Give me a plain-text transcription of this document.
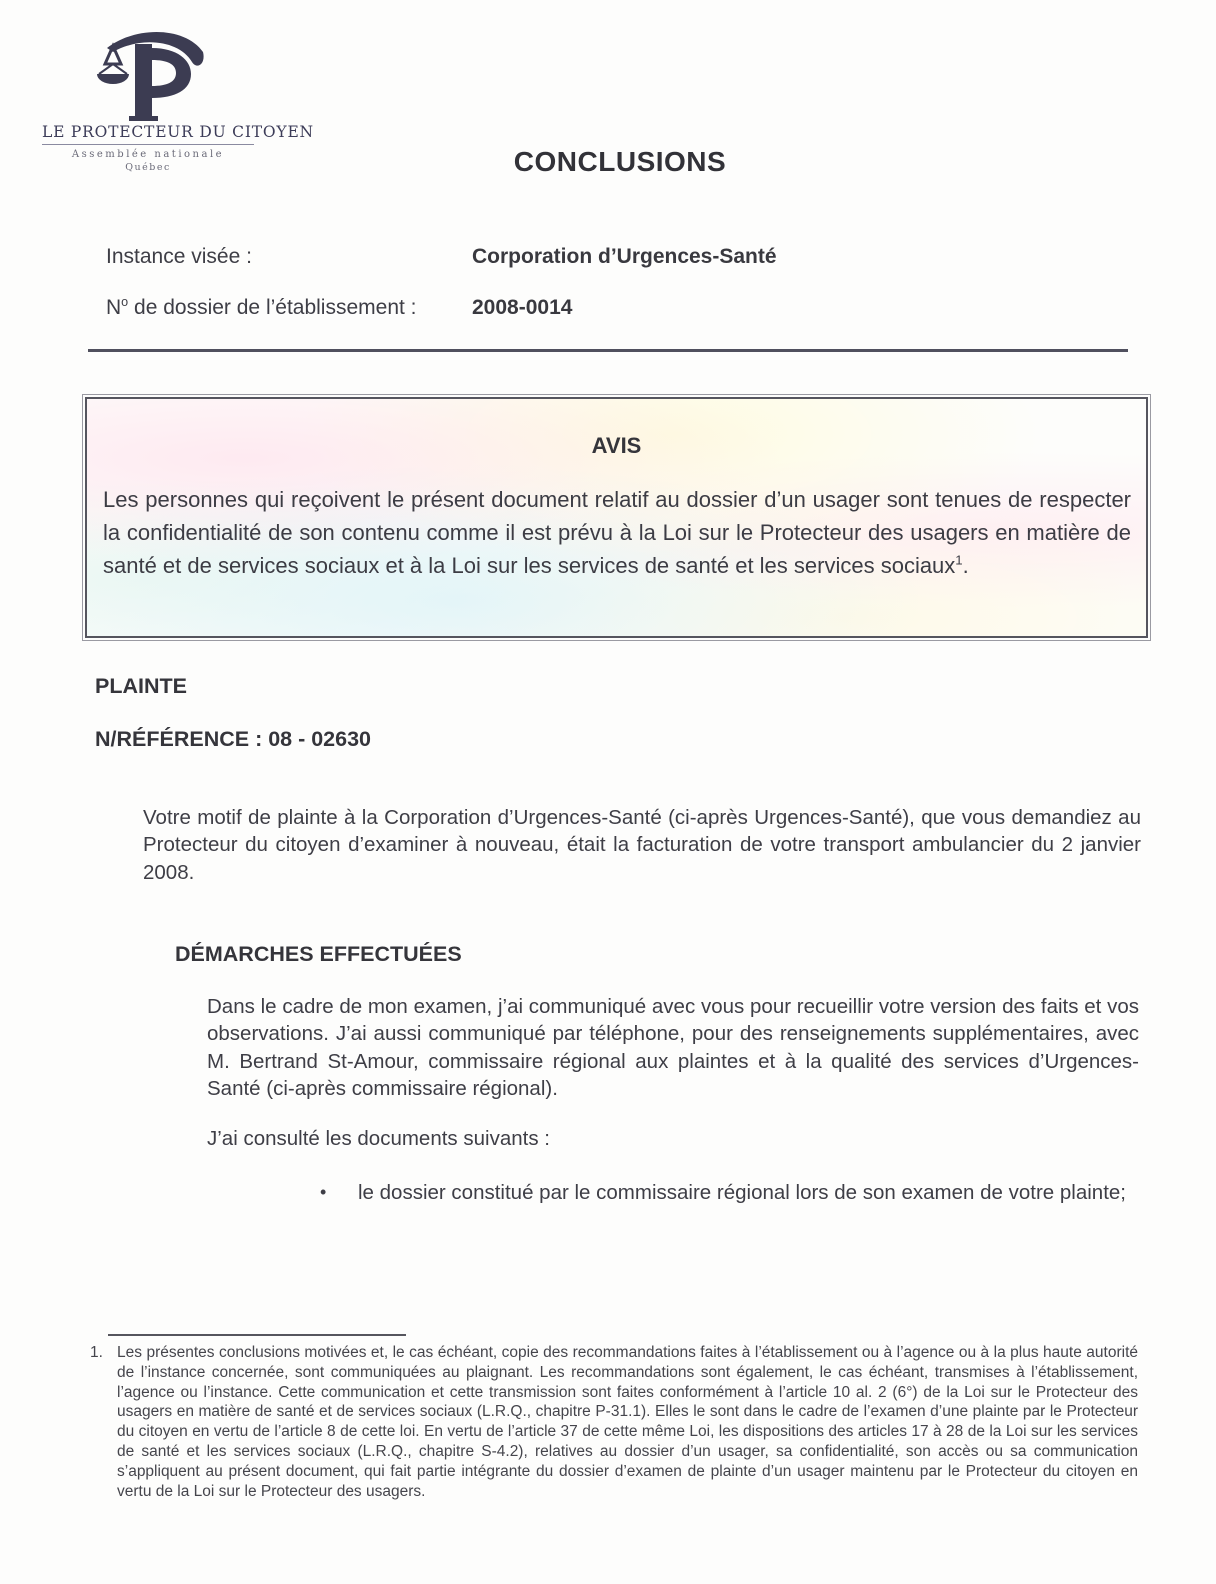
LE PROTECTEUR DU CITOYEN
Assemblée nationale
Québec	CONCLUSIONS
Instance visée :	Corporation d’Urgences-Santé
$N^o$ de dossier de l’établissement :	2008-0014
AVIS
Les personnes qui reçoivent le présent document relatif au dossier d’un usager sont tenues de respecter la confidentialité de son contenu comme il est prévu à la Loi sur le Protecteur des usagers en matière de santé et de services sociaux et à la Loi sur les services de santé et les services sociaux$^1$.
PLAINTE
N/RÉFÉRENCE : 08 - 02630
Votre motif de plainte à la Corporation d’Urgences-Santé (ci-après Urgences-Santé), que vous demandiez au Protecteur du citoyen d’examiner à nouveau, était la facturation de votre transport ambulancier du 2 janvier 2008.
DÉMARCHES EFFECTUÉES
Dans le cadre de mon examen, j’ai communiqué avec vous pour recueillir votre version des faits et vos observations. J’ai aussi communiqué par téléphone, pour des renseignements supplémentaires, avec M. Bertrand St-Amour, commissaire régional aux plaintes et à la qualité des services d’Urgences-Santé (ci-après commissaire régional).
J’ai consulté les documents suivants :
•	le dossier constitué par le commissaire régional lors de son examen de votre plainte;
1. Les présentes conclusions motivées et, le cas échéant, copie des recommandations faites à l’établissement ou à l’agence ou à la plus haute autorité de l’instance concernée, sont communiquées au plaignant. Les recommandations sont également, le cas échéant, transmises à l’établissement, l’agence ou l’instance. Cette communication et cette transmission sont faites conformément à l’article 10 al. 2 (6°) de la Loi sur le Protecteur des usagers en matière de santé et de services sociaux (L.R.Q., chapitre P-31.1). Elles le sont dans le cadre de l’examen d’une plainte par le Protecteur du citoyen en vertu de l’article 8 de cette loi. En vertu de l’article 37 de cette même Loi, les dispositions des articles 17 à 28 de la Loi sur les services de santé et les services sociaux (L.R.Q., chapitre S-4.2), relatives au dossier d’un usager, sa confidentialité, son accès ou sa communication s’appliquent au présent document, qui fait partie intégrante du dossier d’examen de plainte d’un usager maintenu par le Protecteur du citoyen en vertu de la Loi sur le Protecteur des usagers.
